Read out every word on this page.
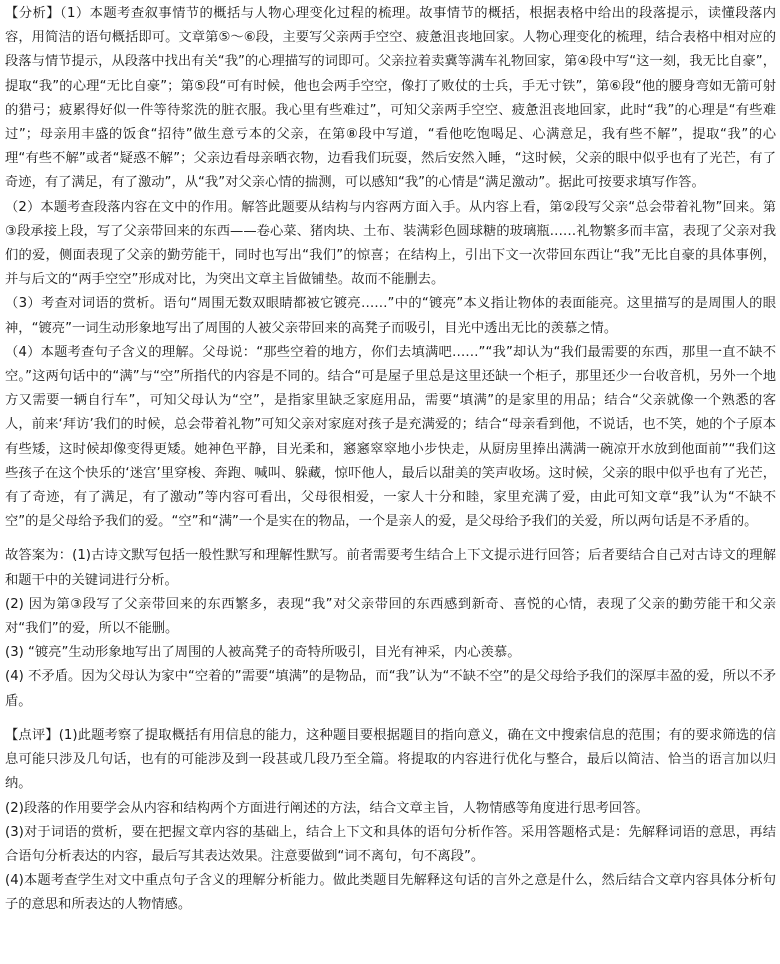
【分析】（1）本题考查叙事情节的概括与人物心理变化过程的梳理。故事情节的概括，根据表格中给出的段落提示，读懂段落内容，用简洁的语句概括即可。文章第⑤～⑥段，主要写父亲两手空空、疲惫沮丧地回家。人物心理变化的梳理，结合表格中相对应的段落与情节提示，从段落中找出有关“我”的心理描写的词即可。父亲拉着卖冀等满车礼物回家，第④段中写“这一刻，我无比自豪”，提取“我”的心理“无比自豪”；第⑤段“可有时候，他也会两手空空，像打了败仗的士兵，手无寸铁”，第⑥段“他的腰身弯如无箭可射的猎弓；疲累得好似一件等待浆洗的脏衣服。我心里有些难过”，可知父亲两手空空、疲惫沮丧地回家，此时“我”的心理是“有些难过”；母亲用丰盛的饭食“招待”做生意亏本的父亲，在第⑧段中写道，“看他吃饱喝足、心满意足，我有些不解”，提取“我”的心理“有些不解”或者“疑惑不解”；父亲边看母亲晒衣物，边看我们玩耍，然后安然入睡，“这时候，父亲的眼中似乎也有了光芒，有了奇迹，有了满足，有了激动”，从“我”对父亲心情的揣测，可以感知“我”的心情是“满足激动”。据此可按要求填写作答。

（2）本题考查段落内容在文中的作用。解答此题要从结构与内容两方面入手。从内容上看，第②段写父亲“总会带着礼物”回来。第③段承接上段，写了父亲带回来的东西——卷心菜、猪肉块、土布、装满彩色圆球糖的玻璃瓶……礼物繁多而丰富，表现了父亲对我们的爱，侧面表现了父亲的勤劳能干，同时也写出“我们”的惊喜；在结构上，引出下文一次带回东西让“我”无比自豪的具体事例，并与后文的“两手空空”形成对比，为突出文章主旨做铺垫。故而不能删去。

（3）考查对词语的赏析。语句“周围无数双眼睛都被它镀亮……”中的“镀亮”本义指让物体的表面能亮。这里描写的是周围人的眼神，“镀亮”一词生动形象地写出了周围的人被父亲带回来的高凳子而吸引，目光中透出无比的羡慕之情。

（4）本题考查句子含义的理解。父母说：“那些空着的地方，你们去填满吧……”“我”却认为“我们最需要的东西，那里一直不缺不空。”这两句话中的“满”与“空”所指代的内容是不同的。结合“可是屋子里总是这里还缺一个柜子，那里还少一台收音机，另外一个地方又需要一辆自行车”，可知父母认为“空”，是指家里缺乏家庭用品，需要“填满”的是家里的用品；结合“父亲就像一个熟悉的客人，前来‘拜访’我们的时候，总会带着礼物”可知父亲对家庭对孩子是充满爱的；结合“母亲看到他，不说话，也不笑，她的个子原本有些矮，这时候却像变得更矮。她神色平静，目光柔和，窸窸窣窣地小步快走，从厨房里捧出满满一碗凉开水放到他面前”“我们这些孩子在这个快乐的‘迷宫’里穿梭、奔跑、喊叫、躲藏，惊吓他人，最后以甜美的笑声收场。这时候，父亲的眼中似乎也有了光芒，有了奇迹，有了满足，有了激动”等内容可看出，父母很相爱，一家人十分和睦，家里充满了爱，由此可知文章“我”认为“不缺不空”的是父母给予我们的爱。“空”和“满”一个是实在的物品，一个是亲人的爱，是父母给予我们的关爱，所以两句话是不矛盾的。

故答案为：(1)古诗文默写包括一般性默写和理解性默写。前者需要考生结合上下文提示进行回答；后者要结合自己对古诗文的理解和题干中的关键词进行分析。

(2) 因为第③段写了父亲带回来的东西繁多，表现“我”对父亲带回的东西感到新奇、喜悦的心情，表现了父亲的勤劳能干和父亲对“我们”的爱，所以不能删。

(3) “镀亮”生动形象地写出了周围的人被高凳子的奇特所吸引，目光有神采，内心羡慕。

(4) 不矛盾。因为父母认为家中“空着的”需要“填满”的是物品，而“我”认为“不缺不空”的是父母给予我们的深厚丰盈的爱，所以不矛盾。

【点评】(1)此题考察了提取概括有用信息的能力，这种题目要根据题目的指向意义，确在文中搜索信息的范围；有的要求筛选的信息可能只涉及几句话，也有的可能涉及到一段甚或几段乃至全篇。将提取的内容进行优化与整合，最后以简洁、恰当的语言加以归纳。

(2)段落的作用要学会从内容和结构两个方面进行阐述的方法，结合文章主旨，人物情感等角度进行思考回答。

(3)对于词语的赏析，要在把握文章内容的基础上，结合上下文和具体的语句分析作答。采用答题格式是：先解释词语的意思，再结合语句分析表达的内容，最后写其表达效果。注意要做到“词不离句，句不离段”。

(4)本题考查学生对文中重点句子含义的理解分析能力。做此类题目先解释这句话的言外之意是什么，然后结合文章内容具体分析句子的意思和所表达的人物情感。
